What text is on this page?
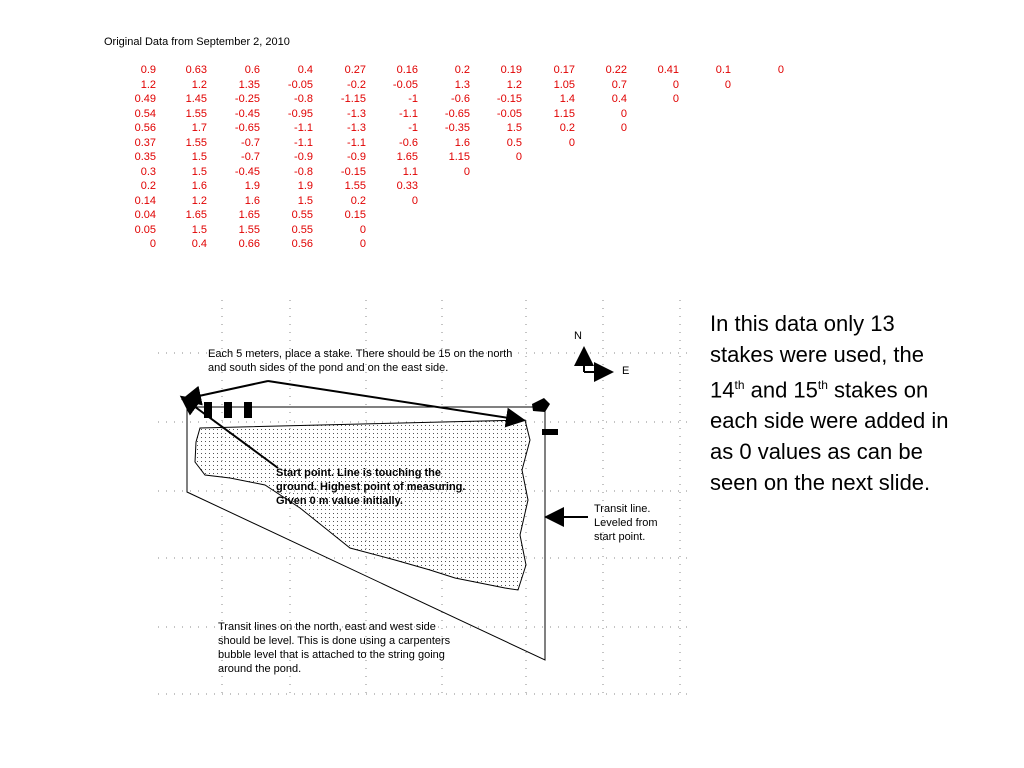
Original Data from September 2, 2010
0.9	0.63	0.6	0.4	0.27	0.16	0.2	0.19	0.17	0.22	0.41	0.1	0
1.2	1.2	1.35	-0.05	-0.2	-0.05	1.3	1.2	1.05	0.7	0	0
0.49	1.45	-0.25	-0.8	-1.15	-1	-0.6	-0.15	1.4	0.4	0
0.54	1.55	-0.45	-0.95	-1.3	-1.1	-0.65	-0.05	1.15	0
0.56	1.7	-0.65	-1.1	-1.3	-1	-0.35	1.5	0.2	0
0.37	1.55	-0.7	-1.1	-1.1	-0.6	1.6	0.5	0
0.35	1.5	-0.7	-0.9	-0.9	1.65	1.15	0
0.3	1.5	-0.45	-0.8	-0.15	1.1	0
0.2	1.6	1.9	1.9	1.55	0.33
0.14	1.2	1.6	1.5	0.2	0
0.04	1.65	1.65	0.55	0.15
0.05	1.5	1.55	0.55	0
0	0.4	0.66	0.56	0
N
E
Each 5 meters, place a stake. There should be 15 on the north and south sides of the pond and on the east side.
Start point. Line is touching the ground. Highest point of measuring. Given 0 m value initially.
Transit line. Leveled from start point.
Transit lines on the north, east and west side should be level. This is done using a carpenters bubble level that is attached to the string going around the pond.
In this data only 13 stakes were used, the 14th and 15th stakes on each side were added in as 0 values as can be seen on the next slide.
